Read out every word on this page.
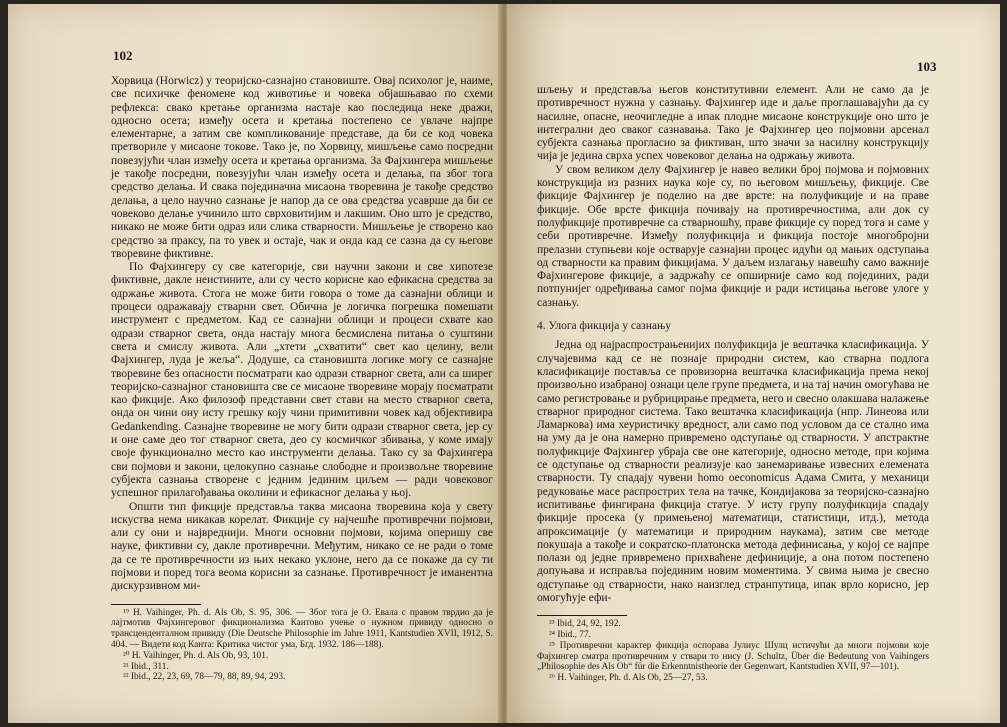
102

Хорвица (Horwicz) у теоријско-сазнајно становиште. Овај психолог је, наиме, све психичке феномене код животиње и човека објашњавао по схеми рефлекса: свако кретање организма настаје као последица неке дражи, односно осета; између осета и кретања постепено се увлаче најпре елементарне, а затим све компликованије представе, да би се код човека претвориле у мисаоне токове. Тако је, по Хорвицу, мишљење само посредни повезујући члан између осета и кретања организма. За Фајхингера мишљење је такође посредни, повезујући члан између осета и делања, па због тога средство делања. И свака појединачна мисаона творевина је такође средство делања, а цело научно сазнање је напор да се ова средства усаврше да би се човеково делање учинило што сврховитијим и лакшим. Оно што је средство, никако не може бити одраз или слика стварности. Мишљење је створено као средство за праксу, па то увек и остаје, чак и онда кад се сазна да су његове творевине фиктивне.

По Фајхингеру су све категорије, сви научни закони и све хипотезе фиктивне, дакле неистините, али су често корисне као ефикасна средства за одржање живота. Стога не може бити говора о томе да сазнајни облици и процеси одражавају стварни свет. Обична је логичка погрешка помешати инструмент с предметом. Кад се сазнајни облици и процеси схвате као одрази стварног света, онда настају многа бесмислена питања о суштини света и смислу живота. Али „хтети „схватити“ свет као целину, вели Фајхингер, луда је жеља“. Додуше, са становишта логике могу се сазнајне творевине без опасности посматрати као одрази стварног света, али са ширег теоријско-сазнајног становишта све се мисаоне творевине морају посматрати као фикције. Ако филозоф представни свет стави на место стварног света, онда он чини ону исту грешку коју чини примитивни човек кад објективира Gedankending. Сазнајне творевине не могу бити одрази стварног света, јер су и оне саме део тог стварног света, део су космичког збивања, у коме имају своје функционално место као инструменти делања. Тако су за Фајхингера сви појмови и закони, целокупно сазнање слободне и произвољне творевине субјекта сазнања створене с једним јединим циљем — ради човековог успешног прилагођавања околини и ефикасног делања у њој.

Општи тип фикције представља таква мисаона творевина која у свету искуства нема никакав корелат. Фикције су најчешће противречни појмови, али су они и највреднији. Многи основни појмови, којима оперишу све науке, фиктивни су, дакле противречни. Међутим, никако се не ради о томе да се те противречности из њих некако уклоне, него да се покаже да су ти појмови и поред тога веома корисни за сазнање. Противречност је иманентна дискурзивном ми-

¹⁹ H. Vaihinger, Ph. d. Als Ob, S. 95, 306. — Због тога је О. Евала с правом тврдио да је лајтмотив Фајхингеровог фикционализма Кантово учење о нужном привиду односно о трансценденталном привиду (Die Deutsche Philosophie im Jahre 1911, Kantstudien XVII, 1912, S. 404. — Видети код Канта: Критика чистог ума, Бгд. 1932. 186—188).
²⁰ H. Vaihinger, Ph. d. Als Ob, 93, 101.
²¹ Ibid., 311.
²² Ibid., 22, 23, 69, 78—79, 88, 89, 94, 293.
103

шљењу и представља његов конститутивни елемент. Али не само да је противречност нужна у сазнању. Фајхингер иде и даље проглашавајући да су насилне, опасне, неочигледне а ипак плодне мисаоне конструкције оно што је интегрални део сваког сазнавања. Тако је Фајхингер цео појмовни арсенал субјекта сазнања прогласио за фиктиван, што значи за насилну конструкцију чија је једина сврха успех човековог делања на одржању живота.

У свом великом делу Фајхингер је навео велики број појмова и појмовних конструкција из разних наука које су, по његовом мишљењу, фикције. Све фикције Фајхингер је поделио на две врсте: на полуфикције и на праве фикције. Обе врсте фикција почивају на противречностима, али док су полуфикције противречне са стварношћу, праве фикције су поред тога и саме у себи противречне. Између полуфикција и фикција постоје многоброjни прелазни ступњеви које остварује сазнајни процес идући од мањих одступања од стварности ка правим фикцијама. У даљем излагању навешћу само важније Фајхингерове фикције, а задржаћу се опширније само код појединих, ради потпунијег одређивања самог појма фикције и ради истицања његове улоге у сазнању.

4. Улога фикција у сазнању

Једна од најраспрострањенијих полуфикција је вештачка класификација. У случајевима кад се не познаје природни систем, као стварна подлога класификације поставља се провизорна вештачка класификација према некој произвољно изабраној ознаци целе групе предмета, и на тај начин омогућава не само регистровање и рубрицирање предмета, него и свесно олакшава налажење стварног природног система. Тако вештачка класификација (нпр. Линеова или Ламаркова) има хеуристичку вредност, али само под условом да се стално има на уму да је она намерно привремено одступање од стварности. У апстрактне полуфикције Фајхингер убраја све оне категорије, односно методе, при којима се одступање од стварности реализује као занемаривање извесних елемената стварности. Ту спадају чувени homo oeconomicus Адама Смита, у механици редуковање масе распрострих тела на тачке, Кондијакова за теоријско-сазнајно испитивање фингирана фикција статуе. У исту групу полуфикција спадају фикције просека (у примењеној математици, статистици, итд.), метода апроксимације (у математици и природним наукама), затим све методе покушаја а такође и сократско-платонска метода дефинисања, у којој се најпре полази од једне привремено прихваћене дефиниције, а она потом постепено допуњава и исправља појединим новим моментима. У свима њима је свесно одступање од стварности, нако наизглед странпутица, ипак врло корисно, јер омогућује ефи-

²³ Ibid, 24, 92, 192.
²⁴ Ibid., 77.
²⁵ Противречни карактер фикција оспорава Јулиус Шулц истичући да многи појмови које Фајхингер сматра противречним у ствари то нису (J. Schultz, Über die Bedeutung von Vaihingers „Philosophie des Als Ob“ für die Erkenntnistheorie der Gegenwart, Kantstudien XVII, 97—101).
²⁶ H. Vaihinger, Ph. d. Als Ob, 25—27, 53.
